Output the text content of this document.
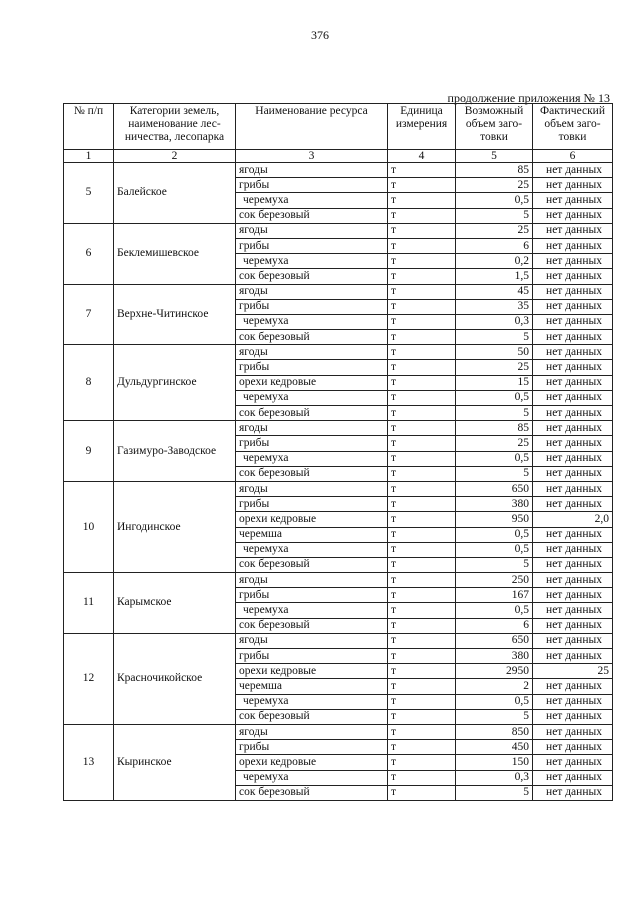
376
продолжение приложения № 13
№ п/п	Категории земель, наименование лес-ничества, лесопарка	Наименование ресурса	Единица измерения	Возможный объем заго-товки	Фактический объем заго-товки
1	2	3	4	5	6
5	Балейское	ягоды	т	85	нет данных
		грибы	т	25	нет данных
		черемуха	т	0,5	нет данных
		сок березовый	т	5	нет данных
6	Беклемишевское	ягоды	т	25	нет данных
		грибы	т	6	нет данных
		черемуха	т	0,2	нет данных
		сок березовый	т	1,5	нет данных
7	Верхне-Читинское	ягоды	т	45	нет данных
		грибы	т	35	нет данных
		черемуха	т	0,3	нет данных
		сок березовый	т	5	нет данных
8	Дульдургинское	ягоды	т	50	нет данных
		грибы	т	25	нет данных
		орехи кедровые	т	15	нет данных
		черемуха	т	0,5	нет данных
		сок березовый	т	5	нет данных
9	Газимуро-Заводское	ягоды	т	85	нет данных
		грибы	т	25	нет данных
		черемуха	т	0,5	нет данных
		сок березовый	т	5	нет данных
10	Ингодинское	ягоды	т	650	нет данных
		грибы	т	380	нет данных
		орехи кедровые	т	950	2,0
		черемша	т	0,5	нет данных
		черемуха	т	0,5	нет данных
		сок березовый	т	5	нет данных
11	Карымское	ягоды	т	250	нет данных
		грибы	т	167	нет данных
		черемуха	т	0,5	нет данных
		сок березовый	т	6	нет данных
12	Красночикойское	ягоды	т	650	нет данных
		грибы	т	380	нет данных
		орехи кедровые	т	2950	25
		черемша	т	2	нет данных
		черемуха	т	0,5	нет данных
		сок березовый	т	5	нет данных
13	Кыринское	ягоды	т	850	нет данных
		грибы	т	450	нет данных
		орехи кедровые	т	150	нет данных
		черемуха	т	0,3	нет данных
		сок березовый	т	5	нет данных
